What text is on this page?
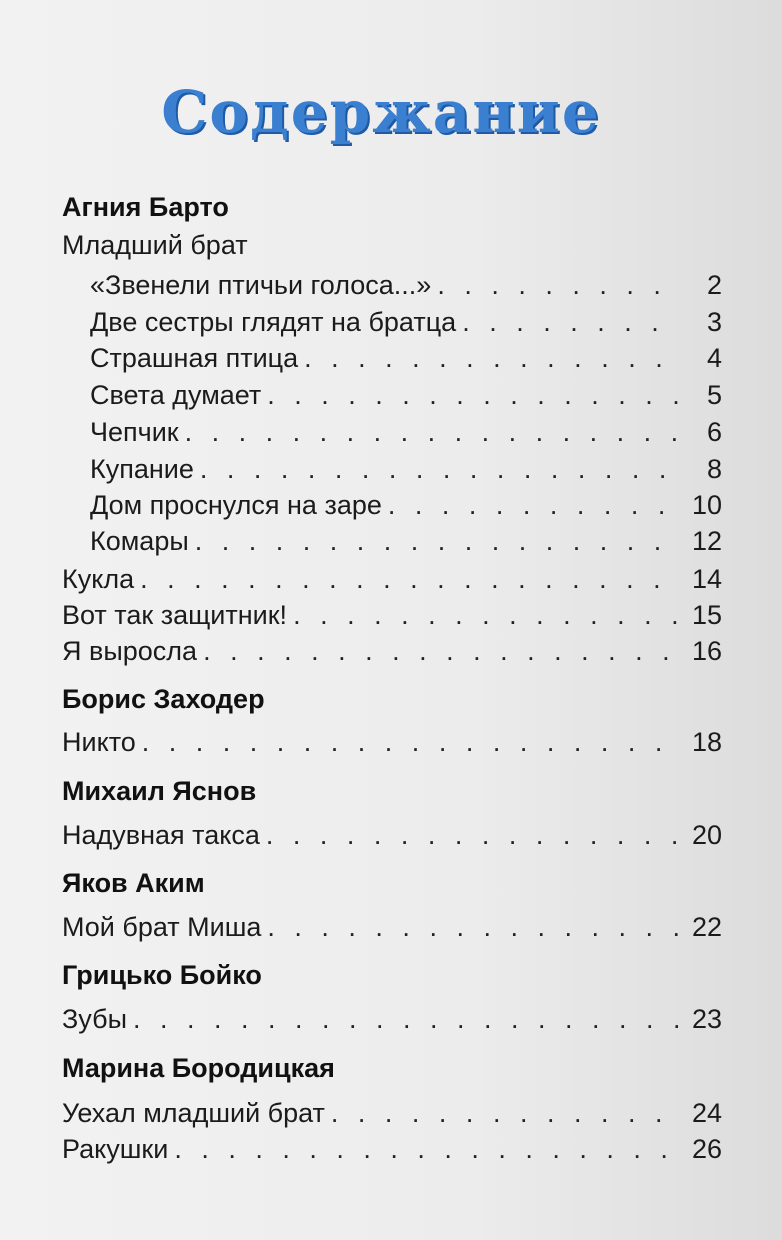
Содержание
Агния Барто
Младший брат
«Звенели птичьи голоса...» . . .	2
Две сестры глядят на братца . . .	3
Страшная птица . . .	4
Света думает . . .	5
Чепчик . . .	6
Купание . . .	8
Дом проснулся на заре . . .	10
Комары . . .	12
Кукла . . .	14
Вот так защитник! . . .	15
Я выросла . . .	16
Борис Заходер
Никто . . .	18
Михаил Яснов
Надувная такса . . .	20
Яков Аким
Мой брат Миша . . .	22
Грицько Бойко
Зубы . . .	23
Марина Бородицкая
Уехал младший брат . . .	24
Ракушки . . .	26
